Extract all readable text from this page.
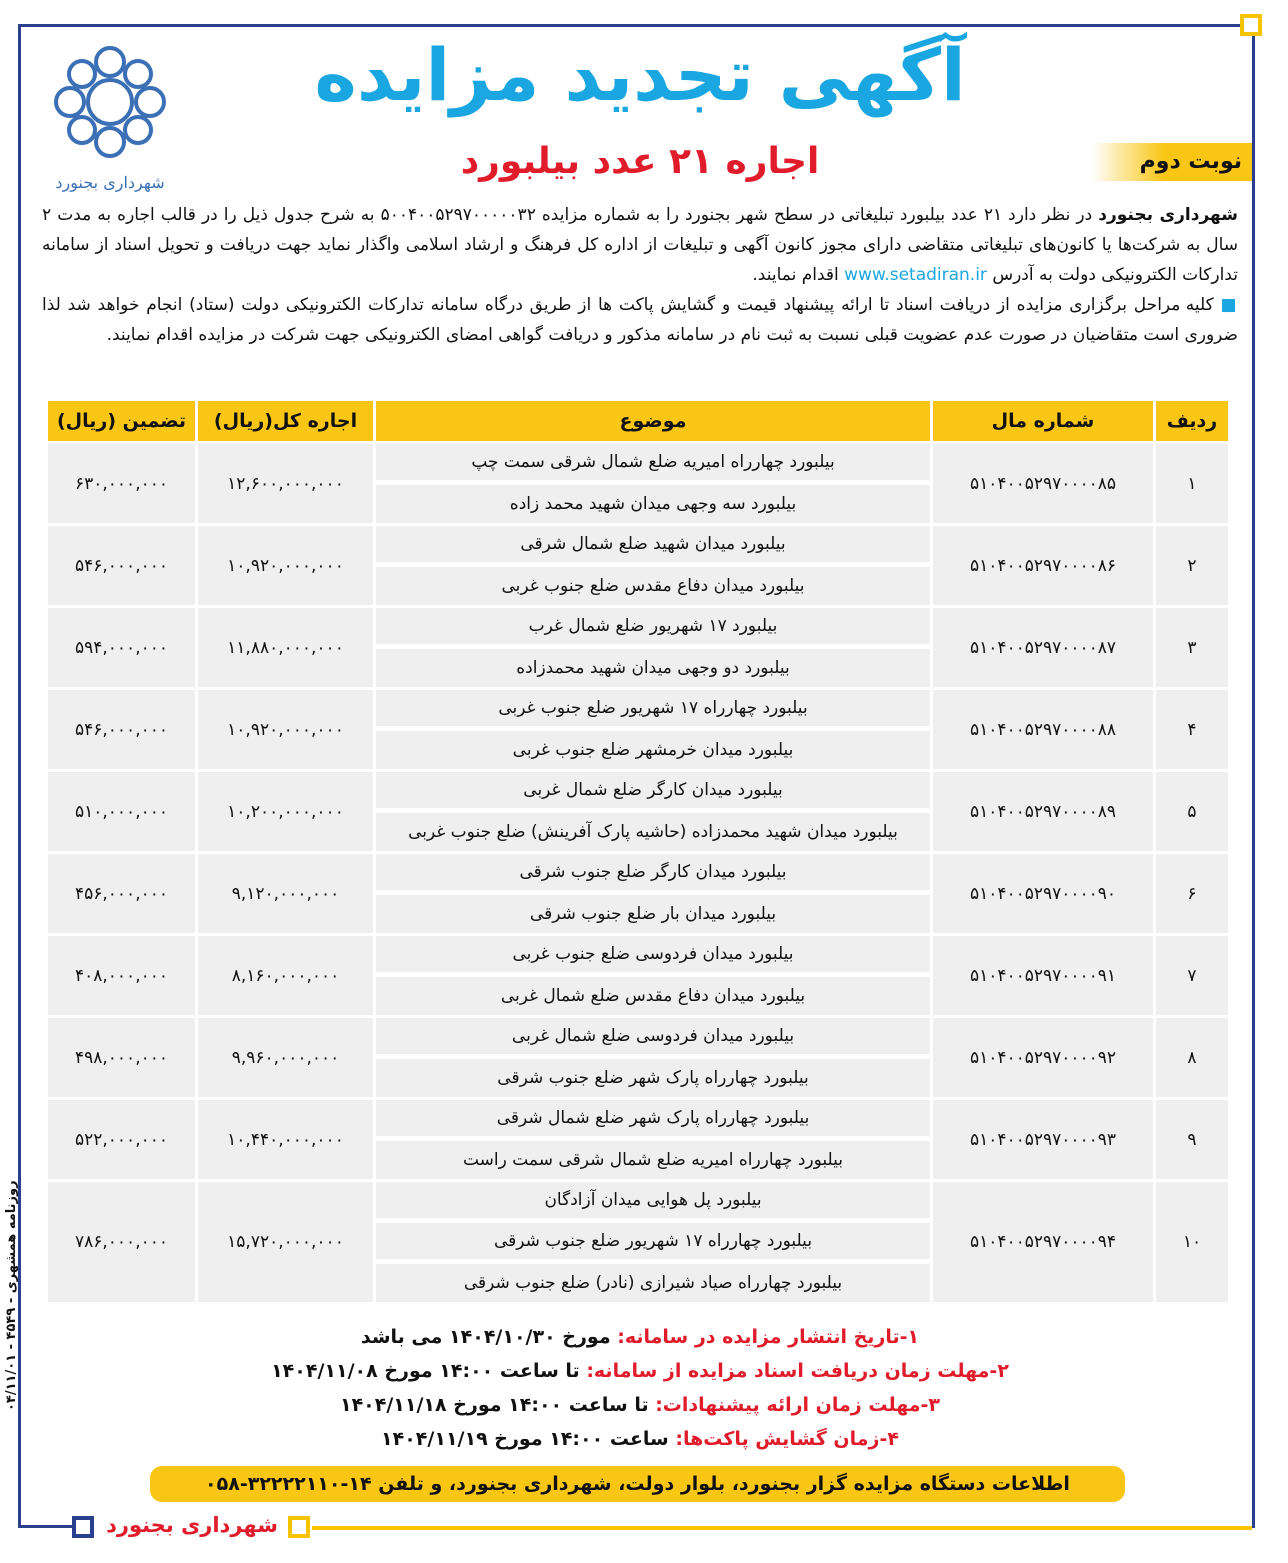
شهرداری بجنورد
آگهی تجدید مزایده
اجاره ۲۱ عدد بیلبورد	نوبت دوم

شهرداری بجنورد در نظر دارد ۲۱ عدد بیلبورد تبلیغاتی در سطح شهر بجنورد را به شماره مزایده ۵۰۰۴۰۰۵۲۹۷۰۰۰۰۰۳۲ به شرح جدول ذیل را در قالب اجاره به مدت ۲ سال به شرکت‌ها یا کانون‌های تبلیغاتی متقاضی دارای مجوز کانون آگهی و تبلیغات از اداره کل فرهنگ و ارشاد اسلامی واگذار نماید جهت دریافت و تحویل اسناد از سامانه تدارکات الکترونیکی دولت به آدرس www.setadiran.ir اقدام نمایند.

■ کلیه مراحل برگزاری مزایده از دریافت اسناد تا ارائه پیشنهاد قیمت و گشایش پاکت ها از طریق درگاه سامانه تدارکات الکترونیکی دولت (ستاد) انجام خواهد شد لذا ضروری است متقاضیان در صورت عدم عضویت قبلی نسبت به ثبت نام در سامانه مذکور و دریافت گواهی امضای الکترونیکی جهت شرکت در مزایده اقدام نمایند.

ردیف	شماره مال	موضوع	اجاره کل(ریال)	تضمین (ریال)
۱	۵۱۰۴۰۰۵۲۹۷۰۰۰۰۸۵	بیلبورد چهارراه امیریه ضلع شمال شرقی سمت چپ	۱۲,۶۰۰,۰۰۰,۰۰۰	۶۳۰,۰۰۰,۰۰۰
		بیلبورد سه وجهی میدان شهید محمد زاده		
۲	۵۱۰۴۰۰۵۲۹۷۰۰۰۰۸۶	بیلبورد میدان شهید ضلع شمال شرقی	۱۰,۹۲۰,۰۰۰,۰۰۰	۵۴۶,۰۰۰,۰۰۰
		بیلبورد میدان دفاع مقدس ضلع جنوب غربی		
۳	۵۱۰۴۰۰۵۲۹۷۰۰۰۰۸۷	بیلبورد ۱۷ شهریور ضلع شمال غرب	۱۱,۸۸۰,۰۰۰,۰۰۰	۵۹۴,۰۰۰,۰۰۰
		بیلبورد دو وجهی میدان شهید محمدزاده		
۴	۵۱۰۴۰۰۵۲۹۷۰۰۰۰۸۸	بیلبورد چهارراه ۱۷ شهریور ضلع جنوب غربی	۱۰,۹۲۰,۰۰۰,۰۰۰	۵۴۶,۰۰۰,۰۰۰
		بیلبورد میدان خرمشهر ضلع جنوب غربی		
۵	۵۱۰۴۰۰۵۲۹۷۰۰۰۰۸۹	بیلبورد میدان کارگر ضلع شمال غربی	۱۰,۲۰۰,۰۰۰,۰۰۰	۵۱۰,۰۰۰,۰۰۰
		بیلبورد میدان شهید محمدزاده (حاشیه پارک آفرینش) ضلع جنوب غربی		
۶	۵۱۰۴۰۰۵۲۹۷۰۰۰۰۹۰	بیلبورد میدان کارگر ضلع جنوب شرقی	۹,۱۲۰,۰۰۰,۰۰۰	۴۵۶,۰۰۰,۰۰۰
		بیلبورد میدان بار ضلع جنوب شرقی		
۷	۵۱۰۴۰۰۵۲۹۷۰۰۰۰۹۱	بیلبورد میدان فردوسی ضلع جنوب غربی	۸,۱۶۰,۰۰۰,۰۰۰	۴۰۸,۰۰۰,۰۰۰
		بیلبورد میدان دفاع مقدس ضلع شمال غربی		
۸	۵۱۰۴۰۰۵۲۹۷۰۰۰۰۹۲	بیلبورد میدان فردوسی ضلع شمال غربی	۹,۹۶۰,۰۰۰,۰۰۰	۴۹۸,۰۰۰,۰۰۰
		بیلبورد چهارراه پارک شهر ضلع جنوب شرقی		
۹	۵۱۰۴۰۰۵۲۹۷۰۰۰۰۹۳	بیلبورد چهارراه پارک شهر ضلع شمال شرقی	۱۰,۴۴۰,۰۰۰,۰۰۰	۵۲۲,۰۰۰,۰۰۰
		بیلبورد چهارراه امیریه ضلع شمال شرقی سمت راست		
۱۰	۵۱۰۴۰۰۵۲۹۷۰۰۰۰۹۴	بیلبورد پل هوایی میدان آزادگان	۱۵,۷۲۰,۰۰۰,۰۰۰	۷۸۶,۰۰۰,۰۰۰
		بیلبورد چهارراه ۱۷ شهریور ضلع جنوب شرقی		
		بیلبورد چهارراه صیاد شیرازی (نادر) ضلع جنوب شرقی		
۱-تاریخ انتشار مزایده در سامانه: مورخ ۱۴۰۴/۱۰/۳۰ می باشد
۲-مهلت زمان دریافت اسناد مزایده از سامانه: تا ساعت ۱۴:۰۰ مورخ ۱۴۰۴/۱۱/۰۸
۳-مهلت زمان ارائه پیشنهادات: تا ساعت ۱۴:۰۰ مورخ ۱۴۰۴/۱۱/۱۸
۴-زمان گشایش پاکت‌ها: ساعت ۱۴:۰۰ مورخ ۱۴۰۴/۱۱/۱۹
اطلاعات دستگاه مزایده گزار بجنورد، بلوار دولت، شهرداری بجنورد، و تلفن ۱۴-۳۲۲۲۲۱۱۰-۰۵۸
شهرداری بجنورد
روزنامه همشهری - ۴۵۴۹ - ۰۴/۱۱/۰۱
